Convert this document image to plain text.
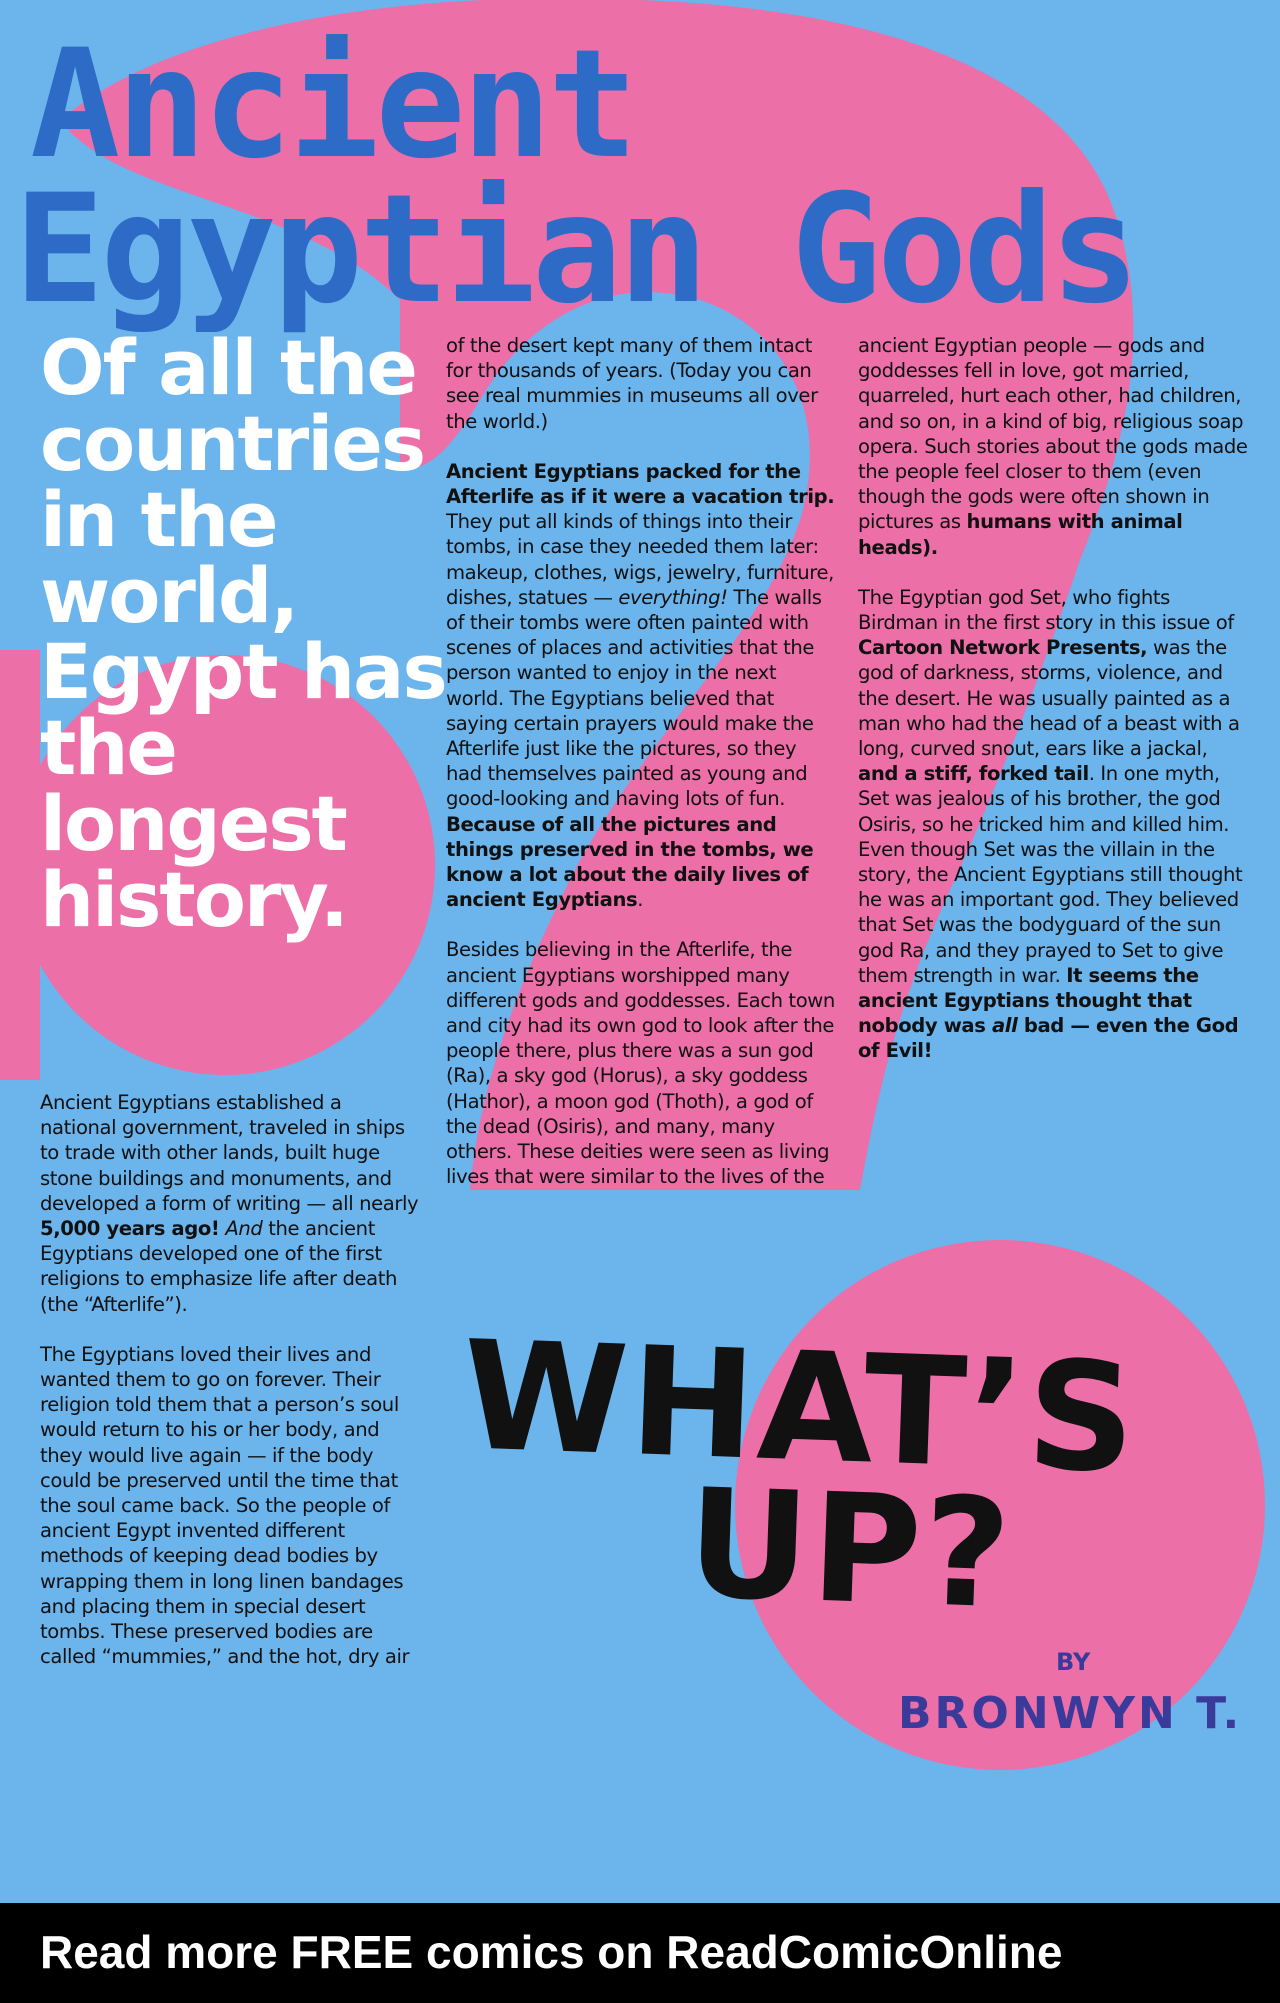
Ancient
Egyptian Gods
Of all the
countries
in the
world,
Egypt has
the
longest
history.

Ancient Egyptians established a national government, traveled in ships to trade with other lands, built huge stone buildings and monuments, and developed a form of writing — all nearly 5,000 years ago! And the ancient Egyptians developed one of the first religions to emphasize life after death (the “Afterlife”).

The Egyptians loved their lives and wanted them to go on forever. Their religion told them that a person’s soul would return to his or her body, and they would live again — if the body could be preserved until the time that the soul came back. So the people of ancient Egypt invented different methods of keeping dead bodies by wrapping them in long linen bandages and placing them in special desert tombs. These preserved bodies are called “mummies,” and the hot, dry air

of the desert kept many of them intact for thousands of years. (Today you can see real mummies in museums all over the world.)

Ancient Egyptians packed for the Afterlife as if it were a vacation trip. They put all kinds of things into their tombs, in case they needed them later: makeup, clothes, wigs, jewelry, furniture, dishes, statues — everything! The walls of their tombs were often painted with scenes of places and activities that the person wanted to enjoy in the next world. The Egyptians believed that saying certain prayers would make the Afterlife just like the pictures, so they had themselves painted as young and good-looking and having lots of fun. Because of all the pictures and things preserved in the tombs, we know a lot about the daily lives of ancient Egyptians.

Besides believing in the Afterlife, the ancient Egyptians worshipped many different gods and goddesses. Each town and city had its own god to look after the people there, plus there was a sun god (Ra), a sky god (Horus), a sky goddess (Hathor), a moon god (Thoth), a god of the dead (Osiris), and many, many others. These deities were seen as living lives that were similar to the lives of the

ancient Egyptian people — gods and goddesses fell in love, got married, quarreled, hurt each other, had children, and so on, in a kind of big, religious soap opera. Such stories about the gods made the people feel closer to them (even though the gods were often shown in pictures as humans with animal heads).

The Egyptian god Set, who fights Birdman in the first story in this issue of Cartoon Network Presents, was the god of darkness, storms, violence, and the desert. He was usually painted as a man who had the head of a beast with a long, curved snout, ears like a jackal, and a stiff, forked tail. In one myth, Set was jealous of his brother, the god Osiris, so he tricked him and killed him. Even though Set was the villain in the story, the Ancient Egyptians still thought he was an important god. They believed that Set was the bodyguard of the sun god Ra, and they prayed to Set to give them strength in war. It seems the ancient Egyptians thought that nobody was all bad — even the God of Evil!

WHAT’S
UP?

BY

BRONWYN T.

Read more FREE comics on ReadComicOnline
